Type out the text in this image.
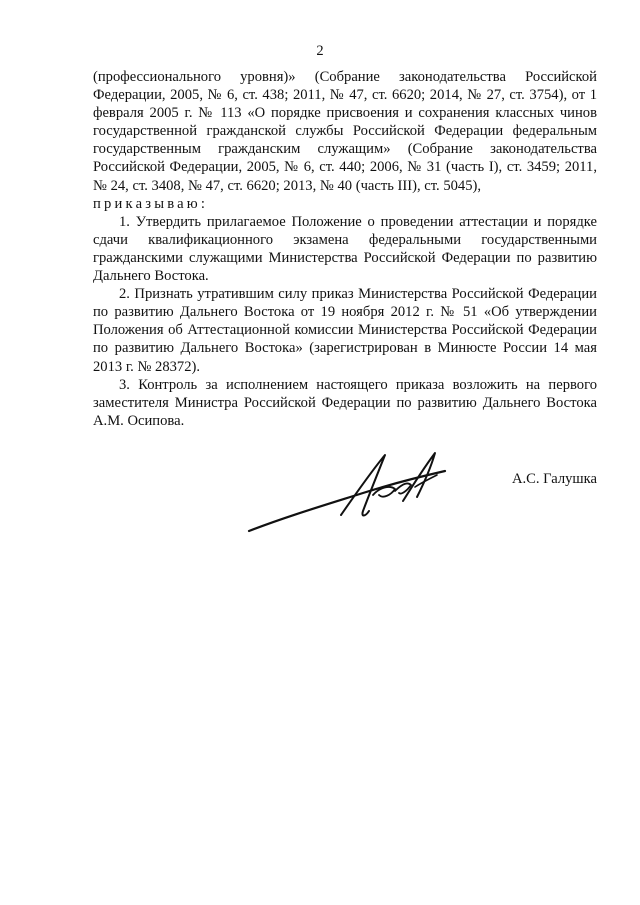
2

(профессионального уровня)» (Собрание законодательства Российской Федерации, 2005, № 6, ст. 438; 2011, № 47, ст. 6620; 2014, № 27, ст. 3754), от 1 февраля 2005 г. № 113 «О порядке присвоения и сохранения классных чинов государственной гражданской службы Российской Федерации федеральным государственным гражданским служащим» (Собрание законодательства Российской Федерации, 2005, № 6, ст. 440; 2006, № 31 (часть I), ст. 3459; 2011, № 24, ст. 3408, № 47, ст. 6620; 2013, № 40 (часть III), ст. 5045),

приказываю:

1. Утвердить прилагаемое Положение о проведении аттестации и порядке сдачи квалификационного экзамена федеральными государственными гражданскими служащими Министерства Российской Федерации по развитию Дальнего Востока.

2. Признать утратившим силу приказ Министерства Российской Федерации по развитию Дальнего Востока от 19 ноября 2012 г. № 51 «Об утверждении Положения об Аттестационной комиссии Министерства Российской Федерации по развитию Дальнего Востока» (зарегистрирован в Минюсте России 14 мая 2013 г. № 28372).

3. Контроль за исполнением настоящего приказа возложить на первого заместителя Министра Российской Федерации по развитию Дальнего Востока А.М. Осипова.

А.С. Галушка
